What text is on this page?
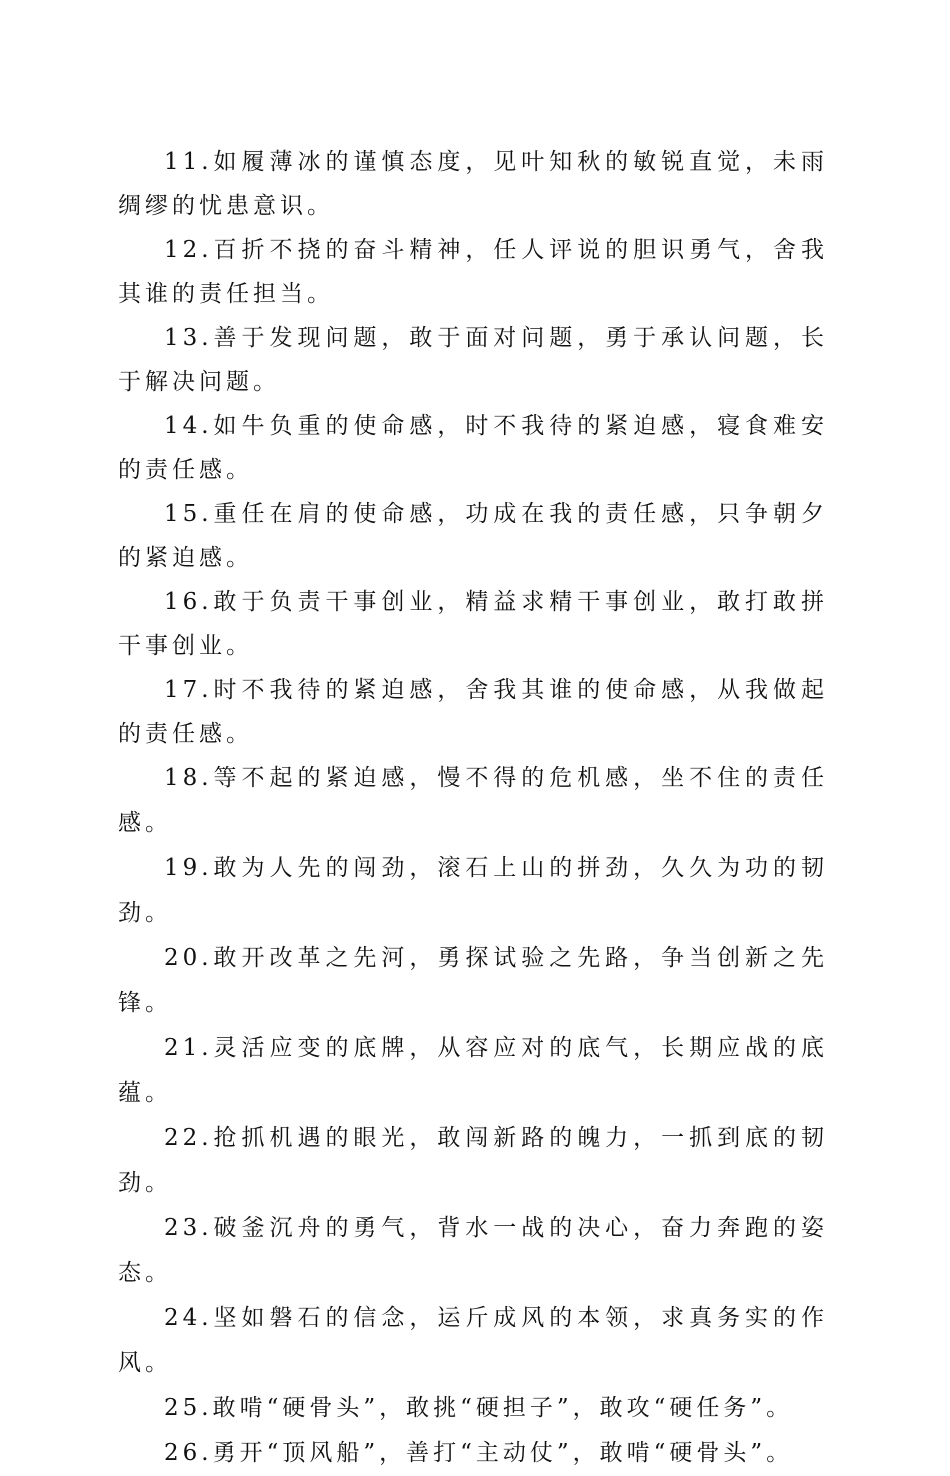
11.如履薄冰的谨慎态度，见叶知秋的敏锐直觉，未雨绸缪的忧患意识。

12.百折不挠的奋斗精神，任人评说的胆识勇气，舍我其谁的责任担当。

13.善于发现问题，敢于面对问题，勇于承认问题，长于解决问题。

14.如牛负重的使命感，时不我待的紧迫感，寝食难安的责任感。

15.重任在肩的使命感，功成在我的责任感，只争朝夕的紧迫感。

16.敢于负责干事创业，精益求精干事创业，敢打敢拼干事创业。

17.时不我待的紧迫感，舍我其谁的使命感，从我做起的责任感。

18.等不起的紧迫感，慢不得的危机感，坐不住的责任感。

19.敢为人先的闯劲，滚石上山的拼劲，久久为功的韧劲。

20.敢开改革之先河，勇探试验之先路，争当创新之先锋。

21.灵活应变的底牌，从容应对的底气，长期应战的底蕴。

22.抢抓机遇的眼光，敢闯新路的魄力，一抓到底的韧劲。

23.破釜沉舟的勇气，背水一战的决心，奋力奔跑的姿态。

24.坚如磐石的信念，运斤成风的本领，求真务实的作风。

25.敢啃“硬骨头”，敢挑“硬担子”，敢攻“硬任务”。

26.勇开“顶风船”，善打“主动仗”，敢啃“硬骨头”。
